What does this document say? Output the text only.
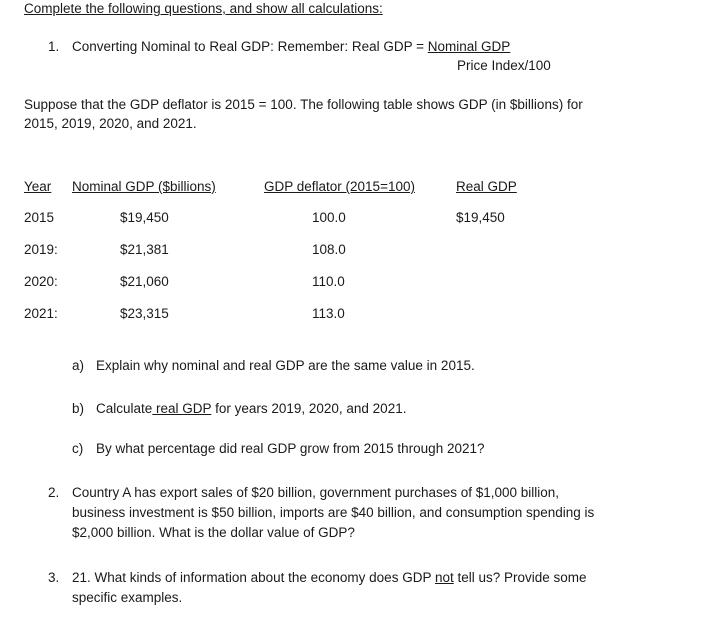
Complete the following questions, and show all calculations:
1. Converting Nominal to Real GDP: Remember: Real GDP = Nominal GDP
Price Index/100
Suppose that the GDP deflator is 2015 = 100. The following table shows GDP (in $billions) for
2015, 2019, 2020, and 2021.
Year Nominal GDP ($billions)	GDP deflator (2015=100)	Real GDP
2015	$19,450	100.0	$19,450
2019:	$21,381	108.0
2020:	$21,060	110.0
2021:	$23,315	113.0
a) Explain why nominal and real GDP are the same value in 2015.
b) Calculate real GDP for years 2019, 2020, and 2021.
c) By what percentage did real GDP grow from 2015 through 2021?
2. Country A has export sales of $20 billion, government purchases of $1,000 billion,
business investment is $50 billion, imports are $40 billion, and consumption spending is
$2,000 billion. What is the dollar value of GDP?
3. 21. What kinds of information about the economy does GDP not tell us? Provide some
specific examples.
